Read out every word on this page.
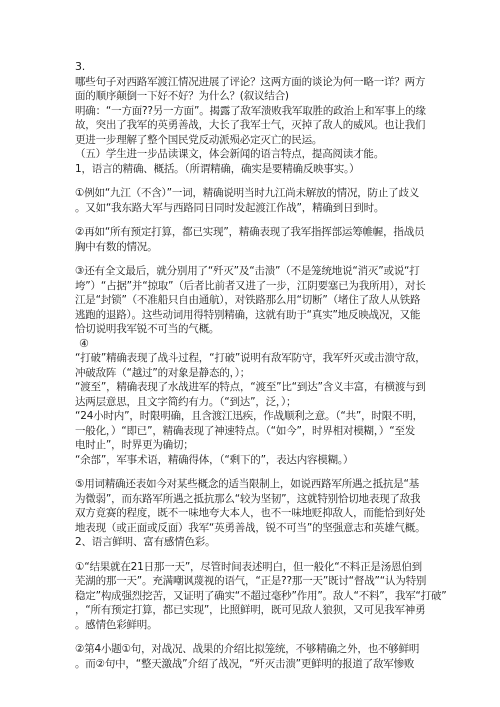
3.
哪些句子对西路军渡江情况进展了评论？这两方面的谈论为何一略一详？两方
面的顺序颠倒一下好不好？为什么？(叙议结合)
明确：“一方面??另一方面”。揭露了敌军溃败我军取胜的政治上和军事上的缘
故，突出了我军的英勇善战，大长了我军士气，灭掉了敌人的威风。也让我们
更进一步理解了整个国民党反动派殒必定灭亡的民运。
（五）学生进一步品读课文，体会新闻的语言特点，提高阅读才能。
1，语言的精确、概括。（所谓精确，确实是要精确反映事实。）
①例如“九江（不含）”一词，精确说明当时九江尚未解放的情况，防止了歧义
。又如“我东路大军与西路同日同时发起渡江作战”，精确到日到时。
②再如“所有预定打算，都已实现”，精确表现了我军指挥部运筹帷幄，指战员
胸中有数的情况。
③还有全文最后，就分别用了“歼灭”及“击溃”（不是笼统地说“消灭”或说“打
垮”）“占据”并“掠取”（后者比前者又进了一步，江阴要塞已为我所用），对长
江是“封锁”（不准船只自由通航），对铁路那么用“切断”（堵住了敌人从铁路
逃跑的退路）。这些动词用得特别精确，这就有助于“真实”地反映战况，又能
恰切说明我军锐不可当的气概。
④
“打破”精确表现了战斗过程，“打破”说明有敌军防守，我军歼灭或击溃守敌，
冲破敌阵（“越过”的对象是静态的，）；
“渡至”，精确表现了水战进军的特点，“渡至”比“到达”含义丰富，有横渡与到
达两层意思，且文字简约有力。（“到达”，泛，）；
“24小时内”，时限明确，且含渡江迅疾，作战顺利之意。（“共”，时限不明，
一般化，）“即已”，精确表现了神速特点。（“如今”，时界相对模糊，）“至发
电时止”，时界更为确切；
“余部”，军事术语，精确得体，（“剩下的”，表达内容模糊。）
⑤用词精确还表如今对某些概念的适当限制上，如说西路军所遇之抵抗是“基
为微弱”，而东路军所遇之抵抗那么“较为坚韧”，这就特别恰切地表现了敌我
双方竟赛的程度，既不一味地夸大本人，也不一味地贬抑敌人，而能恰到好处
地表现（或正面或反面）我军“英勇善战，锐不可当”的坚强意志和英雄气概。
2、语言鲜明、富有感情色彩。
①“结果就在21日那一天”，尽管时间表述明白，但一般化“不料正是汤恩伯到
芜湖的那一天”。充满嘲讽蔑视的语气，“正是??那一天”既讨“督战”“认为特别
稳定”构成强烈挖苦，又证明了确实“不超过毫秒”作用”。敌人“不料”，我军“打破”
，“所有预定打算，都已实现”，比照鲜明，既可见敌人狼狈，又可见我军神勇
。感情色彩鲜明。
②第4小题①句，对战况、战果的介绍比拟笼统，不够精确之外，也不够鲜明
。而②句中，“整天激战”介绍了战况，“歼灭击溃”更鲜明的报道了敌军惨败
